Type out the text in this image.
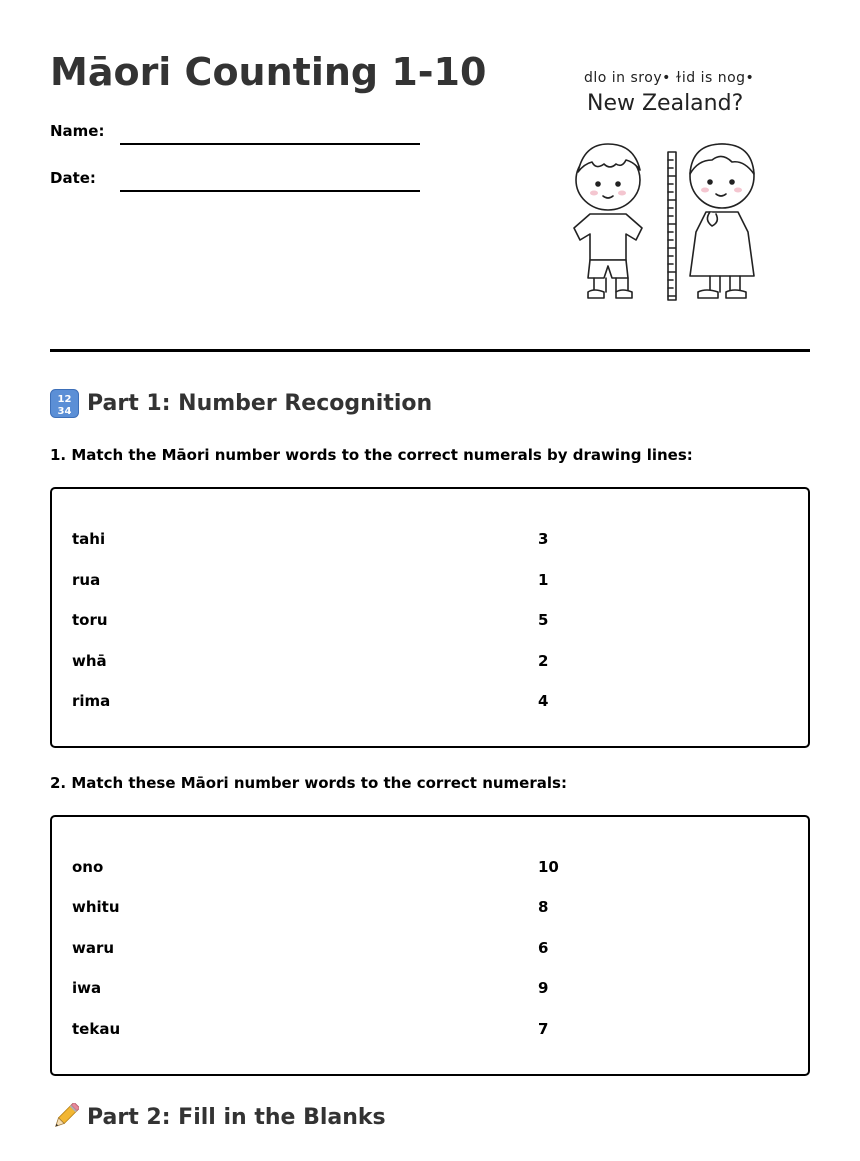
Māori Counting 1-10
Name:
Date:
dlo in sroy• ɫid is nog•
New Zealand?
12
34 Part 1: Number Recognition
1. Match the Māori number words to the correct numerals by drawing lines:
tahi	3
rua	1
toru	5
whā	2
rima	4
2. Match these Māori number words to the correct numerals:
ono	10
whitu	8
waru	6
iwa	9
tekau	7
Part 2: Fill in the Blanks
